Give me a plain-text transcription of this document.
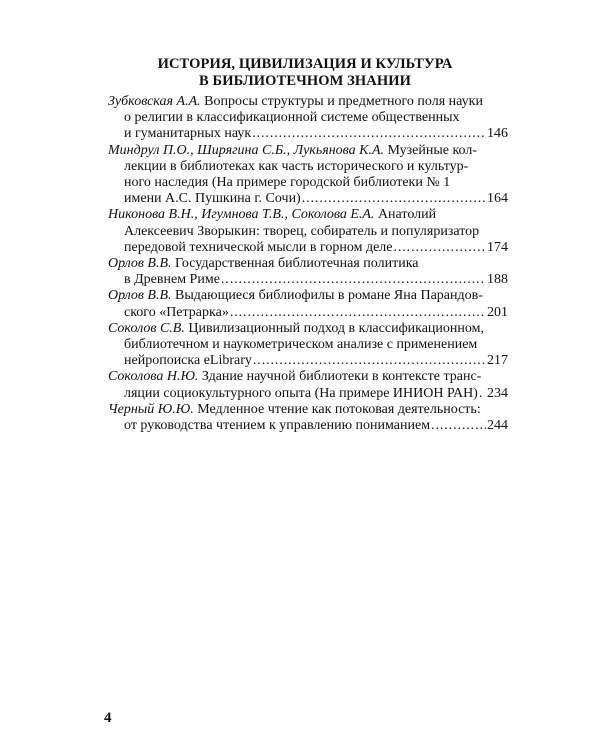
ИСТОРИЯ, ЦИВИЛИЗАЦИЯ И КУЛЬТУРА
В БИБЛИОТЕЧНОМ ЗНАНИИ
Зубковская А.А. Вопросы структуры и предметного поля науки
о религии в классификационной системе общественных
и гуманитарных наук . . .	146
Миндрул П.О., Ширягина С.Б., Лукьянова К.А. Музейные кол-
лекции в библиотеках как часть исторического и культур-
ного наследия (На примере городской библиотеки № 1
имени А.С. Пушкина г. Сочи) . . .	164
Никонова В.Н., Игумнова Т.В., Соколова Е.А. Анатолий
Алексеевич Зворыкин: творец, собиратель и популяризатор
передовой технической мысли в горном деле . . .	174
Орлов В.В. Государственная библиотечная политика
в Древнем Риме . . .	188
Орлов В.В. Выдающиеся библиофилы в романе Яна Парандов-
ского «Петрарка» . . .	201
Соколов С.В. Цивилизационный подход в классификационном,
библиотечном и наукометрическом анализе с применением
нейропоиска eLibrary . . .	217
Соколова Н.Ю. Здание научной библиотеки в контексте транс-
ляции социокультурного опыта (На примере ИНИОН РАН) . . . 234
Черный Ю.Ю. Медленное чтение как потоковая деятельность:
от руководства чтением к управлению пониманием . . .	244
4
